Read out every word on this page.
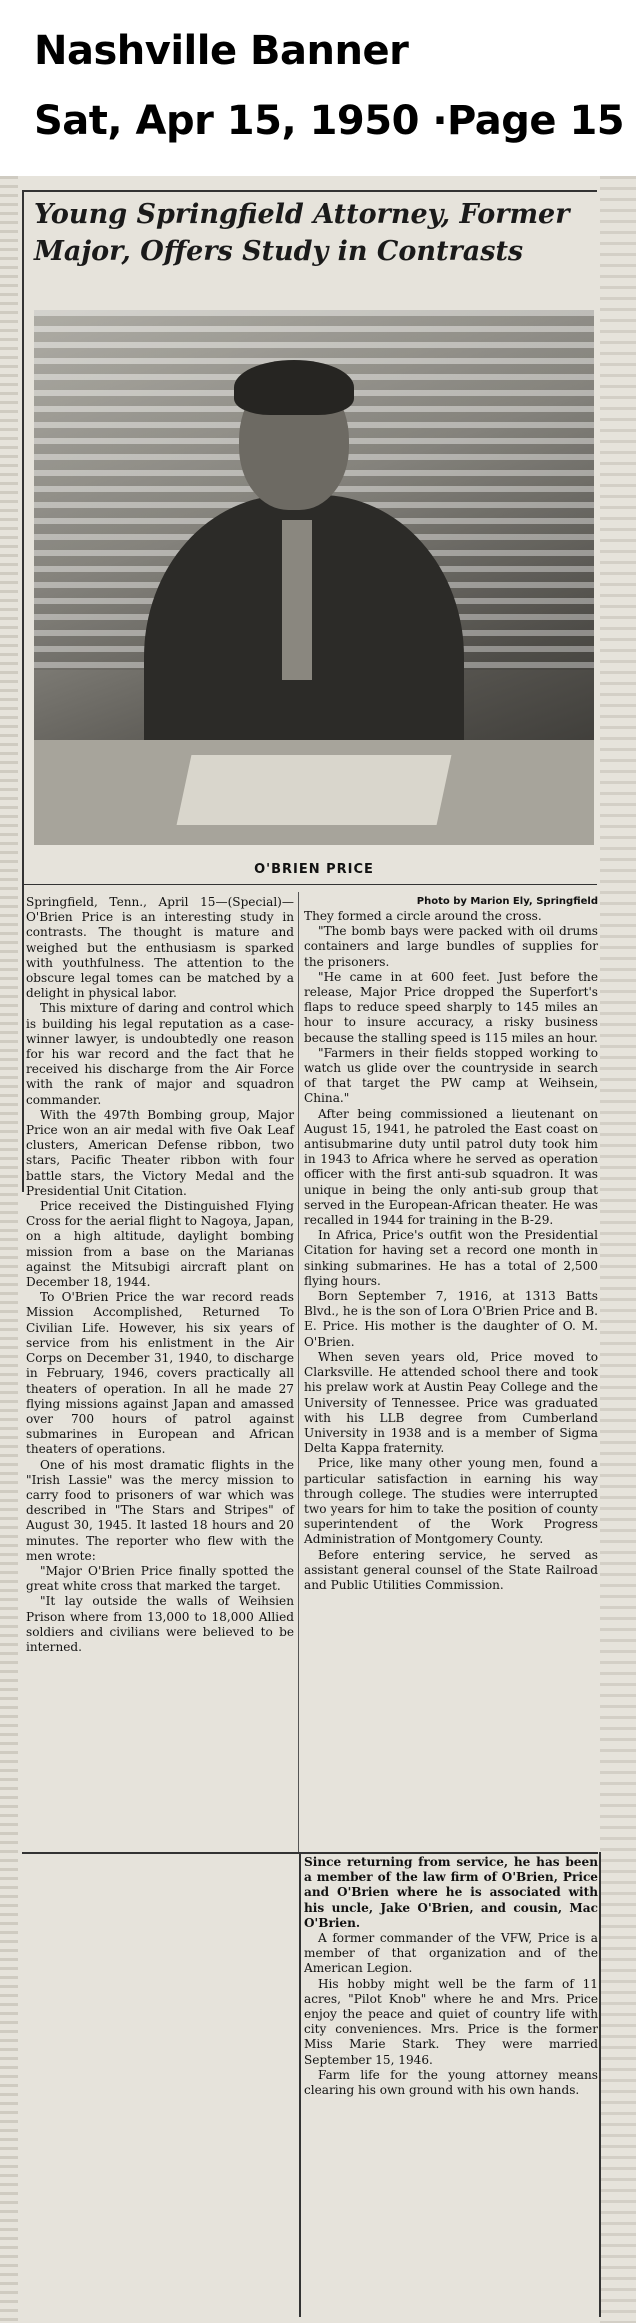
Nashville Banner
Sat, Apr 15, 1950 ·Page 15
Young Springfield Attorney, Former Major, Offers Study in Contrasts
O'BRIEN PRICE

Springfield, Tenn., April 15—(Special)—O'Brien Price is an interesting study in contrasts. The thought is mature and weighed but the enthusiasm is sparked with youthfulness. The attention to the obscure legal tomes can be matched by a delight in physical labor.

This mixture of daring and control which is building his legal reputation as a case-winner lawyer, is undoubtedly one reason for his war record and the fact that he received his discharge from the Air Force with the rank of major and squadron commander.

With the 497th Bombing group, Major Price won an air medal with five Oak Leaf clusters, American Defense ribbon, two stars, Pacific Theater ribbon with four battle stars, the Victory Medal and the Presidential Unit Citation.

Price received the Distinguished Flying Cross for the aerial flight to Nagoya, Japan, on a high altitude, daylight bombing mission from a base on the Marianas against the Mitsubigi aircraft plant on December 18, 1944.

To O'Brien Price the war record reads Mission Accomplished, Returned To Civilian Life. However, his six years of service from his enlistment in the Air Corps on December 31, 1940, to discharge in February, 1946, covers practically all theaters of operation. In all he made 27 flying missions against Japan and amassed over 700 hours of patrol against submarines in European and African theaters of operations.

One of his most dramatic flights in the "Irish Lassie" was the mercy mission to carry food to prisoners of war which was described in "The Stars and Stripes" of August 30, 1945. It lasted 18 hours and 20 minutes. The reporter who flew with the men wrote:

"Major O'Brien Price finally spotted the great white cross that marked the target.

"It lay outside the walls of Weihsien Prison where from 13,000 to 18,000 Allied soldiers and civilians were believed to be interned.

Photo by Marion Ely, Springfield

They formed a circle around the cross.

"The bomb bays were packed with oil drums containers and large bundles of supplies for the prisoners.

"He came in at 600 feet. Just before the release, Major Price dropped the Superfort's flaps to reduce speed sharply to 145 miles an hour to insure accuracy, a risky business because the stalling speed is 115 miles an hour.

"Farmers in their fields stopped working to watch us glide over the countryside in search of that target the PW camp at Weihsein, China."

After being commissioned a lieutenant on August 15, 1941, he patroled the East coast on antisubmarine duty until patrol duty took him in 1943 to Africa where he served as operation officer with the first anti-sub squadron. It was unique in being the only anti-sub group that served in the European-African theater. He was recalled in 1944 for training in the B-29.

In Africa, Price's outfit won the Presidential Citation for having set a record one month in sinking submarines. He has a total of 2,500 flying hours.

Born September 7, 1916, at 1313 Batts Blvd., he is the son of Lora O'Brien Price and B. E. Price. His mother is the daughter of O. M. O'Brien.

When seven years old, Price moved to Clarksville. He attended school there and took his prelaw work at Austin Peay College and the University of Tennessee. Price was graduated with his LLB degree from Cumberland University in 1938 and is a member of Sigma Delta Kappa fraternity.

Price, like many other young men, found a particular satisfaction in earning his way through college. The studies were interrupted two years for him to take the position of county superintendent of the Work Progress Administration of Montgomery County.

Before entering service, he served as assistant general counsel of the State Railroad and Public Utilities Commission.

Since returning from service, he has been a member of the law firm of O'Brien, Price and O'Brien where he is associated with his uncle, Jake O'Brien, and cousin, Mac O'Brien.

A former commander of the VFW, Price is a member of that organization and of the American Legion.

His hobby might well be the farm of 11 acres, "Pilot Knob" where he and Mrs. Price enjoy the peace and quiet of country life with city conveniences. Mrs. Price is the former Miss Marie Stark. They were married September 15, 1946.

Farm life for the young attorney means clearing his own ground with his own hands.
